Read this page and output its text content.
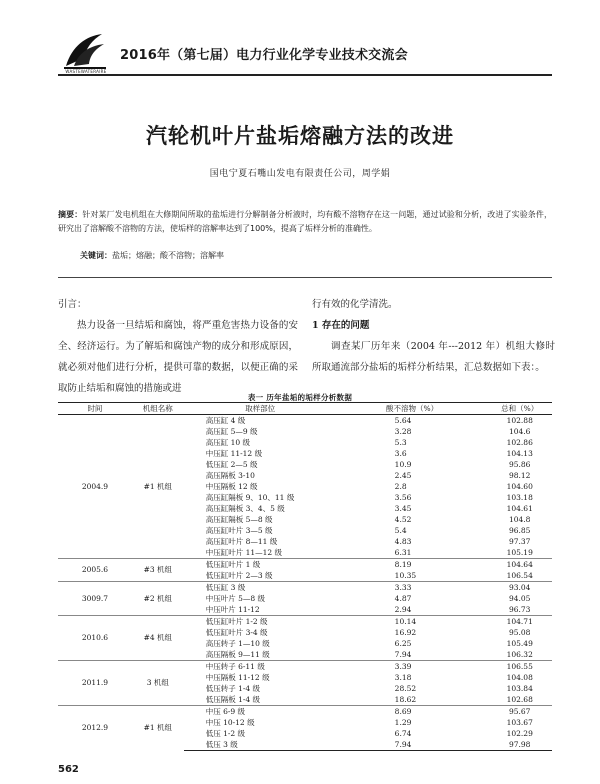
WASTEWATERAIRE
2016年（第七届）电力行业化学专业技术交流会
汽轮机叶片盐垢熔融方法的改进
国电宁夏石嘴山发电有限责任公司，周学娟
摘要：针对某厂发电机组在大修期间所取的盐垢进行分解制备分析液时，均有酸不溶物存在这一问题，通过试验和分析，改进了实验条件，研究出了溶解酸不溶物的方法，使垢样的溶解率达到了100%，提高了垢样分析的准确性。
关键词：盐垢；熔融；酸不溶物；溶解率

引言：

热力设备一旦结垢和腐蚀，将严重危害热力设备的安全、经济运行。为了解垢和腐蚀产物的成分和形成原因，就必须对他们进行分析，提供可靠的数据，以便正确的采取防止结垢和腐蚀的措施或进

行有效的化学清洗。

1 存在的问题

调查某厂历年来（2004 年---2012 年）机组大修时所取通流部分盐垢的垢样分析结果，汇总数据如下表：。

表一 历年盐垢的垢样分析数据
时间	机组名称	取样部位	酸不溶物（%）	总和（%）
2004.9	#1 机组	高压缸 4 级	5.64	102.88
		高压缸 5—9 级	3.28	104.6
		高压缸 10 级	5.3	102.86
		中压缸 11-12 级	3.6	104.13
		低压缸 2—5 级	10.9	95.86
		高压隔板 3-10	2.45	98.12
		中压隔板 12 级	2.8	104.60
		高压缸隔板 9、10、11 级	3.56	103.18
		高压缸隔板 3、4、5 级	3.45	104.61
		高压缸隔板 5—8 级	4.52	104.8
		高压缸叶片 3—5 级	5.4	96.85
		高压缸叶片 8—11 级	4.83	97.37
		中压缸叶片 11—12 级	6.31	105.19
2005.6	#3 机组	低压缸叶片 1 级	8.19	104.64
		低压缸叶片 2—3 级	10.35	106.54
3009.7	#2 机组	低压缸 3 级	3.33	93.04
		中压叶片 5—8 级	4.87	94.05
		中压叶片 11-12	2.94	96.73
2010.6	#4 机组	低压缸叶片 1-2 级	10.14	104.71
		低压缸叶片 3-4 级	16.92	95.08
		高压转子 1—10 级	6.25	105.49
		高压隔板 9—11 级	7.94	106.32
2011.9	3 机组	中压转子 6-11 级	3.39	106.55
		中压隔板 11-12 级	3.18	104.08
		低压转子 1-4 级	28.52	103.84
		低压隔板 1-4 级	18.62	102.68
2012.9	#1 机组	中压 6-9 级	8.69	95.67
		中压 10-12 级	1.29	103.67
		低压 1-2 级	6.74	102.29
		低压 3 级	7.94	97.98
562
